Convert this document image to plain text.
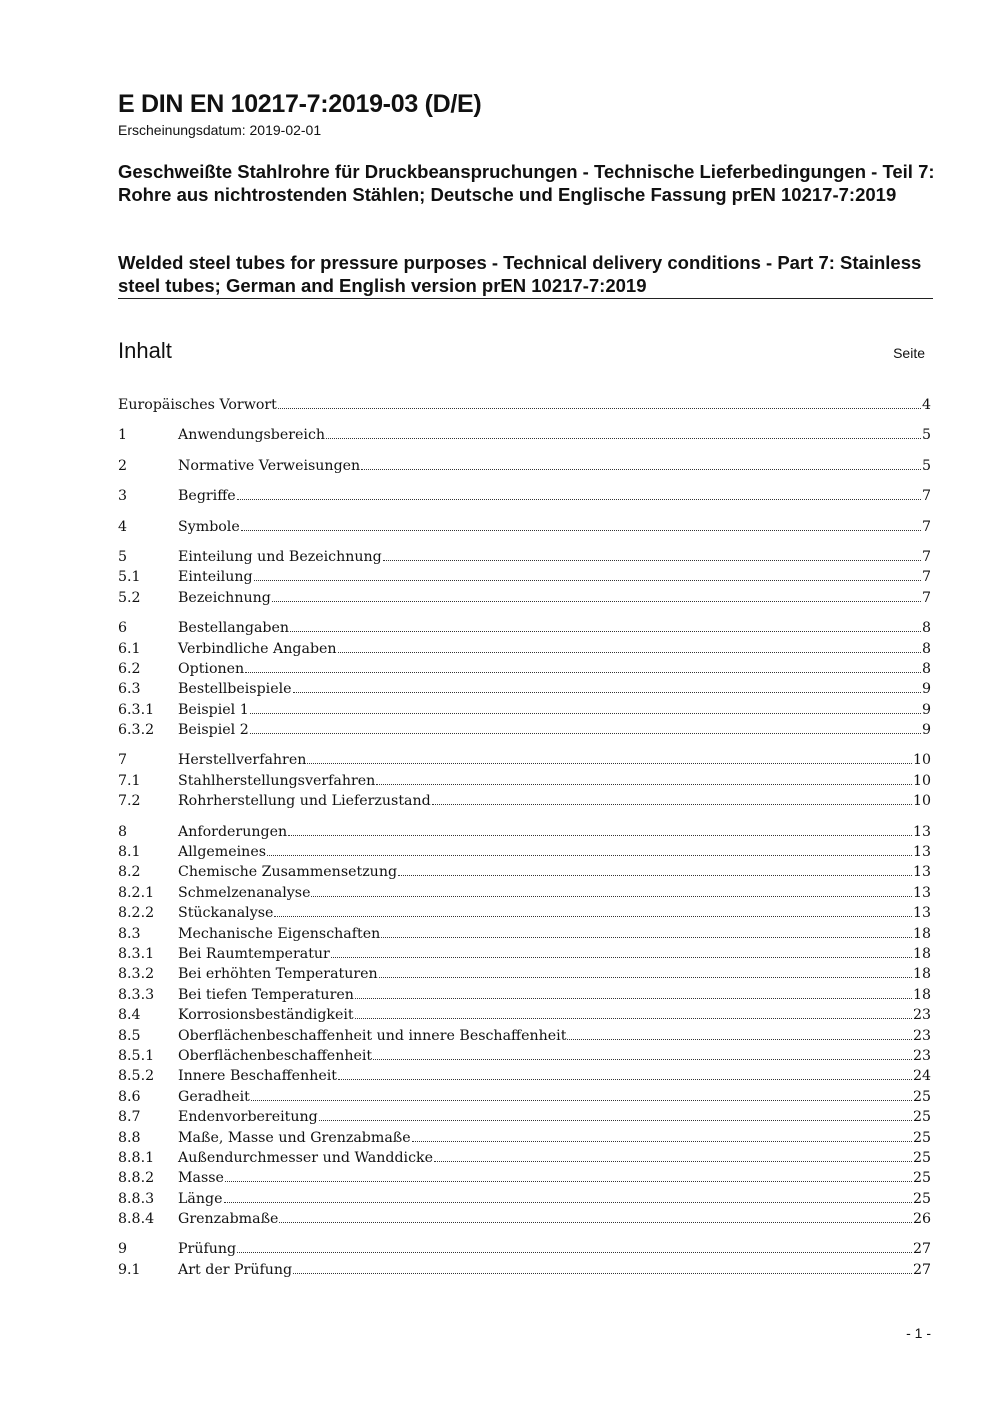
E DIN EN 10217-7:2019-03 (D/E)
Erscheinungsdatum: 2019-02-01
Geschweißte Stahlrohre für Druckbeanspruchungen - Technische Lieferbedingungen - Teil 7: Rohre aus nichtrostenden Stählen; Deutsche und Englische Fassung prEN 10217-7:2019
Welded steel tubes for pressure purposes - Technical delivery conditions - Part 7: Stainless steel tubes; German and English version prEN 10217-7:2019
Inhalt	Seite
Europäisches Vorwort	4
1	Anwendungsbereich	5
2	Normative Verweisungen	5
3	Begriffe	7
4	Symbole	7
5	Einteilung und Bezeichnung	7
5.1	Einteilung	7
5.2	Bezeichnung	7
6	Bestellangaben	8
6.1	Verbindliche Angaben	8
6.2	Optionen	8
6.3	Bestellbeispiele	9
6.3.1	Beispiel 1	9
6.3.2	Beispiel 2	9
7	Herstellverfahren	10
7.1	Stahlherstellungsverfahren	10
7.2	Rohrherstellung und Lieferzustand	10
8	Anforderungen	13
8.1	Allgemeines	13
8.2	Chemische Zusammensetzung	13
8.2.1	Schmelzenanalyse	13
8.2.2	Stückanalyse	13
8.3	Mechanische Eigenschaften	18
8.3.1	Bei Raumtemperatur	18
8.3.2	Bei erhöhten Temperaturen	18
8.3.3	Bei tiefen Temperaturen	18
8.4	Korrosionsbeständigkeit	23
8.5	Oberflächenbeschaffenheit und innere Beschaffenheit	23
8.5.1	Oberflächenbeschaffenheit	23
8.5.2	Innere Beschaffenheit	24
8.6	Geradheit	25
8.7	Endenvorbereitung	25
8.8	Maße, Masse und Grenzabmaße	25
8.8.1	Außendurchmesser und Wanddicke	25
8.8.2	Masse	25
8.8.3	Länge	25
8.8.4	Grenzabmaße	26
9	Prüfung	27
9.1	Art der Prüfung	27
- 1 -
